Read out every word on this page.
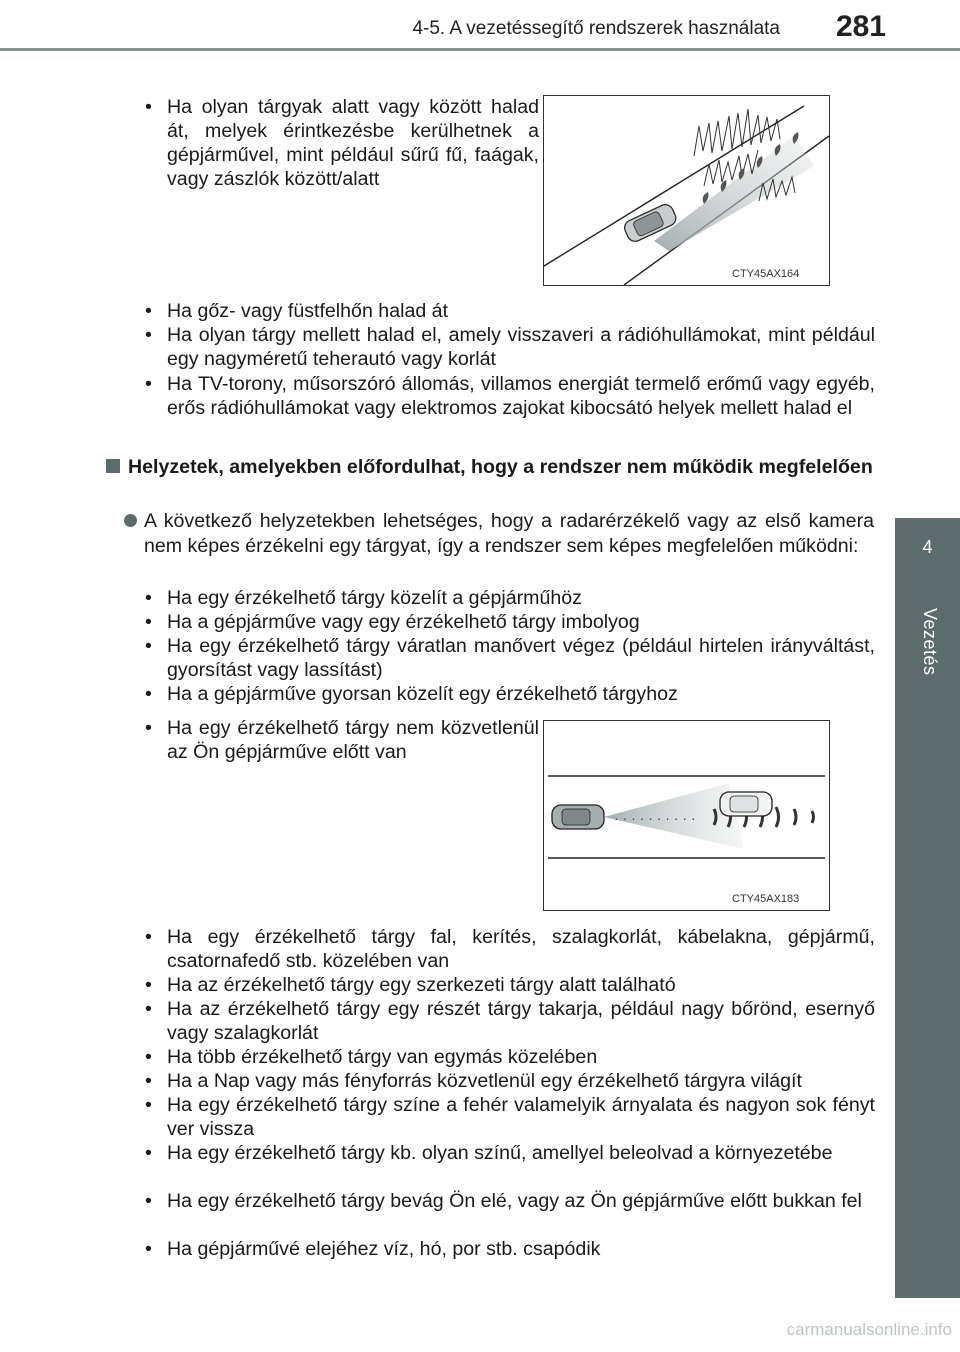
4-5. A vezetéssegítő rendszerek használata 281
4
Vezetés
• Ha olyan tárgyak alatt vagy között halad át, melyek érintkezésbe kerülhetnek a gépjárművel, mint például sűrű fű, faágak, vagy zászlók között/alatt
CTY45AX164
• Ha gőz- vagy füstfelhőn halad át
• Ha olyan tárgy mellett halad el, amely visszaveri a rádióhullámokat, mint például egy nagyméretű teherautó vagy korlát
• Ha TV-torony, műsorszóró állomás, villamos energiát termelő erőmű vagy egyéb, erős rádióhullámokat vagy elektromos zajokat kibocsátó helyek mellett halad el
Helyzetek, amelyekben előfordulhat, hogy a rendszer nem működik megfelelően
A következő helyzetekben lehetséges, hogy a radarérzékelő vagy az első kamera nem képes érzékelni egy tárgyat, így a rendszer sem képes megfelelően működni:
• Ha egy érzékelhető tárgy közelít a gépjárműhöz
• Ha a gépjárműve vagy egy érzékelhető tárgy imbolyog
• Ha egy érzékelhető tárgy váratlan manővert végez (például hirtelen irányváltást, gyorsítást vagy lassítást)
• Ha a gépjárműve gyorsan közelít egy érzékelhető tárgyhoz
• Ha egy érzékelhető tárgy nem közvetlenül az Ön gépjárműve előtt van
· · · · · · · · · ·
CTY45AX183
• Ha egy érzékelhető tárgy fal, kerítés, szalagkorlát, kábelakna, gépjármű, csatornafedő stb. közelében van
• Ha az érzékelhető tárgy egy szerkezeti tárgy alatt található
• Ha az érzékelhető tárgy egy részét tárgy takarja, például nagy bőrönd, esernyő vagy szalagkorlát
• Ha több érzékelhető tárgy van egymás közelében
• Ha a Nap vagy más fényforrás közvetlenül egy érzékelhető tárgyra világít
• Ha egy érzékelhető tárgy színe a fehér valamelyik árnyalata és nagyon sok fényt ver vissza
• Ha egy érzékelhető tárgy kb. olyan színű, amellyel beleolvad a környezetébe
• Ha egy érzékelhető tárgy bevág Ön elé, vagy az Ön gépjárműve előtt bukkan fel
• Ha gépjárművé elejéhez víz, hó, por stb. csapódik
carmanualsonline.info
